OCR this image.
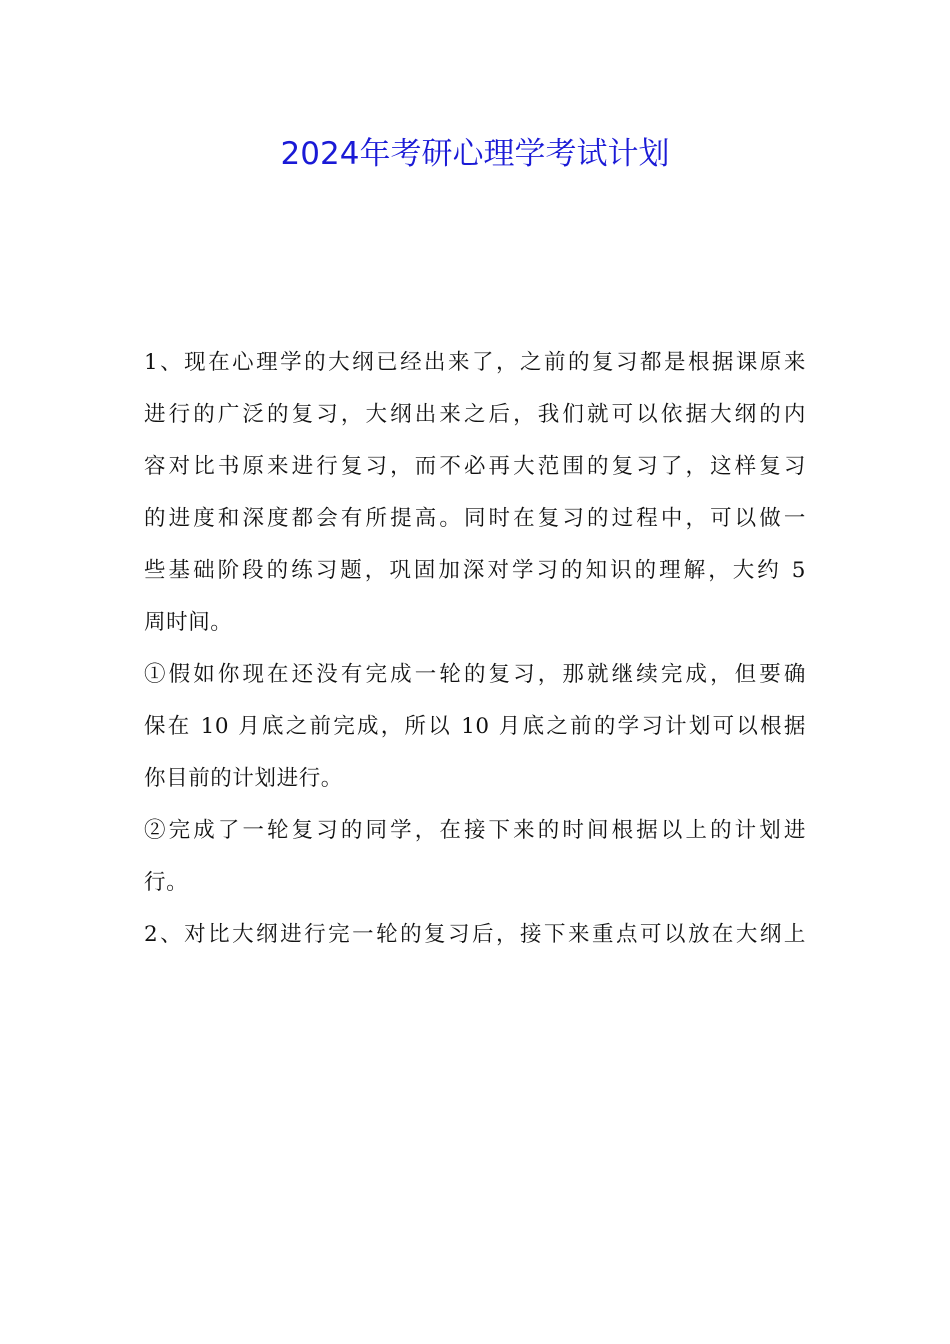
2024年考研心理学考试计划
1、现在心理学的大纲已经出来了，之前的复习都是根据课原来
进行的广泛的复习，大纲出来之后，我们就可以依据大纲的内
容对比书原来进行复习，而不必再大范围的复习了，这样复习
的进度和深度都会有所提高。同时在复习的过程中，可以做一
些基础阶段的练习题，巩固加深对学习的知识的理解，大约 5
周时间。
①假如你现在还没有完成一轮的复习，那就继续完成，但要确
保在 10 月底之前完成，所以 10 月底之前的学习计划可以根据
你目前的计划进行。
②完成了一轮复习的同学，在接下来的时间根据以上的计划进
行。
2、对比大纲进行完一轮的复习后，接下来重点可以放在大纲上
